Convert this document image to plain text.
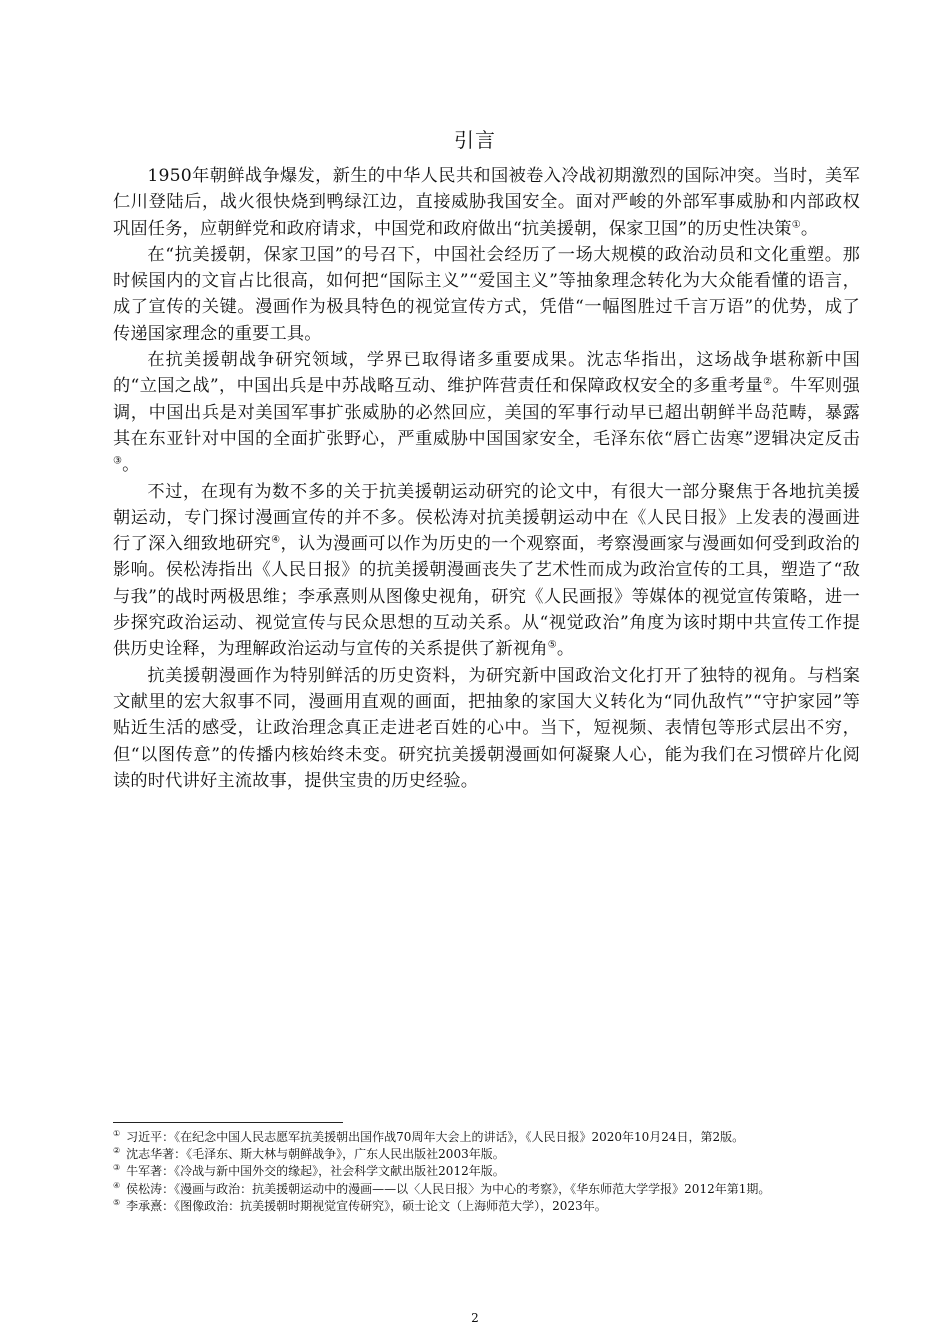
引言

1950年朝鲜战争爆发，新生的中华人民共和国被卷入冷战初期激烈的国际冲突。当时，美军仁川登陆后，战火很快烧到鸭绿江边，直接威胁我国安全。面对严峻的外部军事威胁和内部政权巩固任务，应朝鲜党和政府请求，中国党和政府做出“抗美援朝，保家卫国”的历史性决策①。

在“抗美援朝，保家卫国”的号召下，中国社会经历了一场大规模的政治动员和文化重塑。那时候国内的文盲占比很高，如何把“国际主义”“爱国主义”等抽象理念转化为大众能看懂的语言，成了宣传的关键。漫画作为极具特色的视觉宣传方式，凭借“一幅图胜过千言万语”的优势，成了传递国家理念的重要工具。

在抗美援朝战争研究领域，学界已取得诸多重要成果。沈志华指出，这场战争堪称新中国的“立国之战”，中国出兵是中苏战略互动、维护阵营责任和保障政权安全的多重考量②。牛军则强调，中国出兵是对美国军事扩张威胁的必然回应，美国的军事行动早已超出朝鲜半岛范畴，暴露其在东亚针对中国的全面扩张野心，严重威胁中国国家安全，毛泽东依“唇亡齿寒”逻辑决定反击③。

不过，在现有为数不多的关于抗美援朝运动研究的论文中，有很大一部分聚焦于各地抗美援朝运动，专门探讨漫画宣传的并不多。侯松涛对抗美援朝运动中在《人民日报》上发表的漫画进行了深入细致地研究④，认为漫画可以作为历史的一个观察面，考察漫画家与漫画如何受到政治的影响。侯松涛指出《人民日报》的抗美援朝漫画丧失了艺术性而成为政治宣传的工具，塑造了“敌与我”的战时两极思维；李承熹则从图像史视角，研究《人民画报》等媒体的视觉宣传策略，进一步探究政治运动、视觉宣传与民众思想的互动关系。从“视觉政治”角度为该时期中共宣传工作提供历史诠释，为理解政治运动与宣传的关系提供了新视角⑤。

抗美援朝漫画作为特别鲜活的历史资料，为研究新中国政治文化打开了独特的视角。与档案文献里的宏大叙事不同，漫画用直观的画面，把抽象的家国大义转化为“同仇敌忾”“守护家园”等贴近生活的感受，让政治理念真正走进老百姓的心中。当下，短视频、表情包等形式层出不穷，但“以图传意”的传播内核始终未变。研究抗美援朝漫画如何凝聚人心，能为我们在习惯碎片化阅读的时代讲好主流故事，提供宝贵的历史经验。

① 习近平：《在纪念中国人民志愿军抗美援朝出国作战70周年大会上的讲话》，《人民日报》2020年10月24日，第2版。

② 沈志华著：《毛泽东、斯大林与朝鲜战争》，广东人民出版社2003年版。

③ 牛军著：《冷战与新中国外交的缘起》，社会科学文献出版社2012年版。

④ 侯松涛：《漫画与政治：抗美援朝运动中的漫画——以〈人民日报〉为中心的考察》，《华东师范大学学报》2012年第1期。

⑤ 李承熹：《图像政治：抗美援朝时期视觉宣传研究》，硕士论文（上海师范大学），2023年。

2
